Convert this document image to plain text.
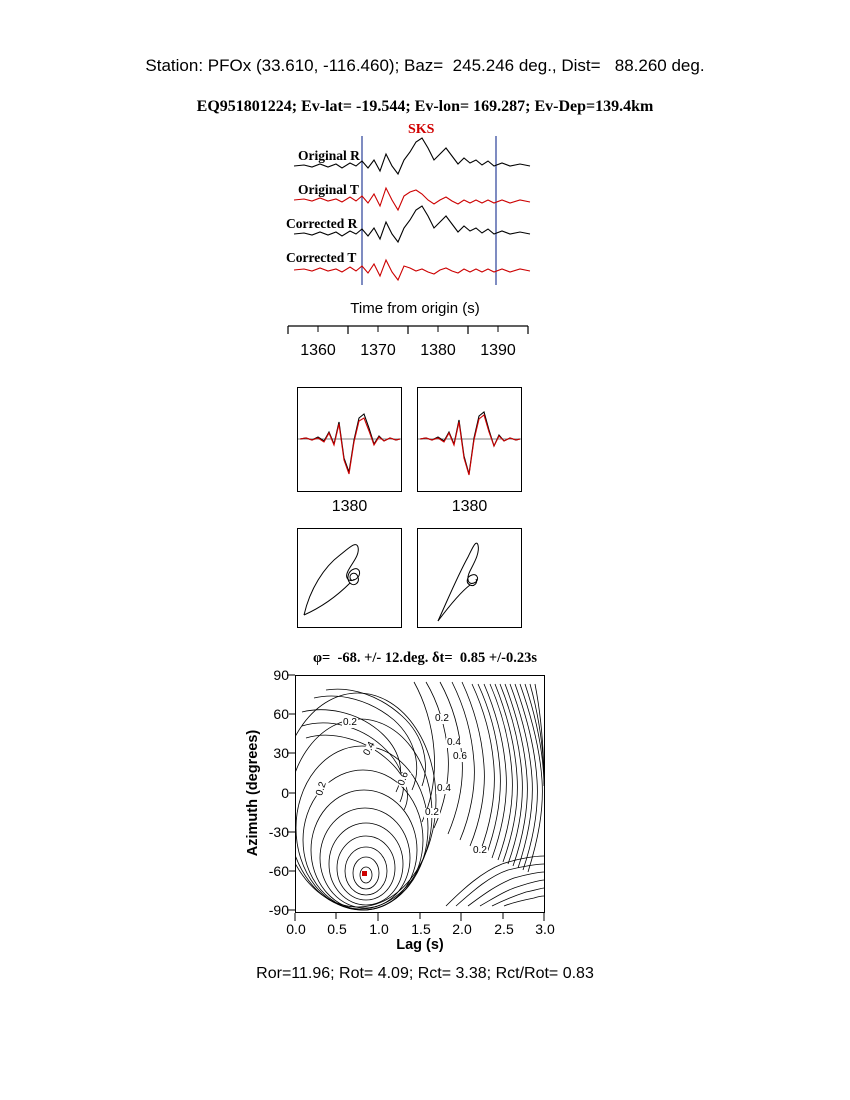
Station: PFOx (33.610, -116.460); Baz=  245.246 deg., Dist=   88.260 deg.
EQ951801224; Ev-lat= -19.544; Ev-lon= 169.287; Ev-Dep=139.4km
SKS
Original R
Original T
Corrected R
Corrected T
Time from origin (s)
1360	1370	1380	1390
1380	1380
φ=  -68. +/- 12.deg. δt=  0.85 +/-0.23s
Azimuth (degrees)
0.2	0.2
0.4	0.4
0.6
0.6
0.2	0.4
0.2
0.2
90
60
30
0
-30
-60
-90
0.0 0.5 1.0 1.5 2.0 2.5 3.0
Lag (s)
Ror=11.96; Rot= 4.09; Rct= 3.38; Rct/Rot= 0.83
